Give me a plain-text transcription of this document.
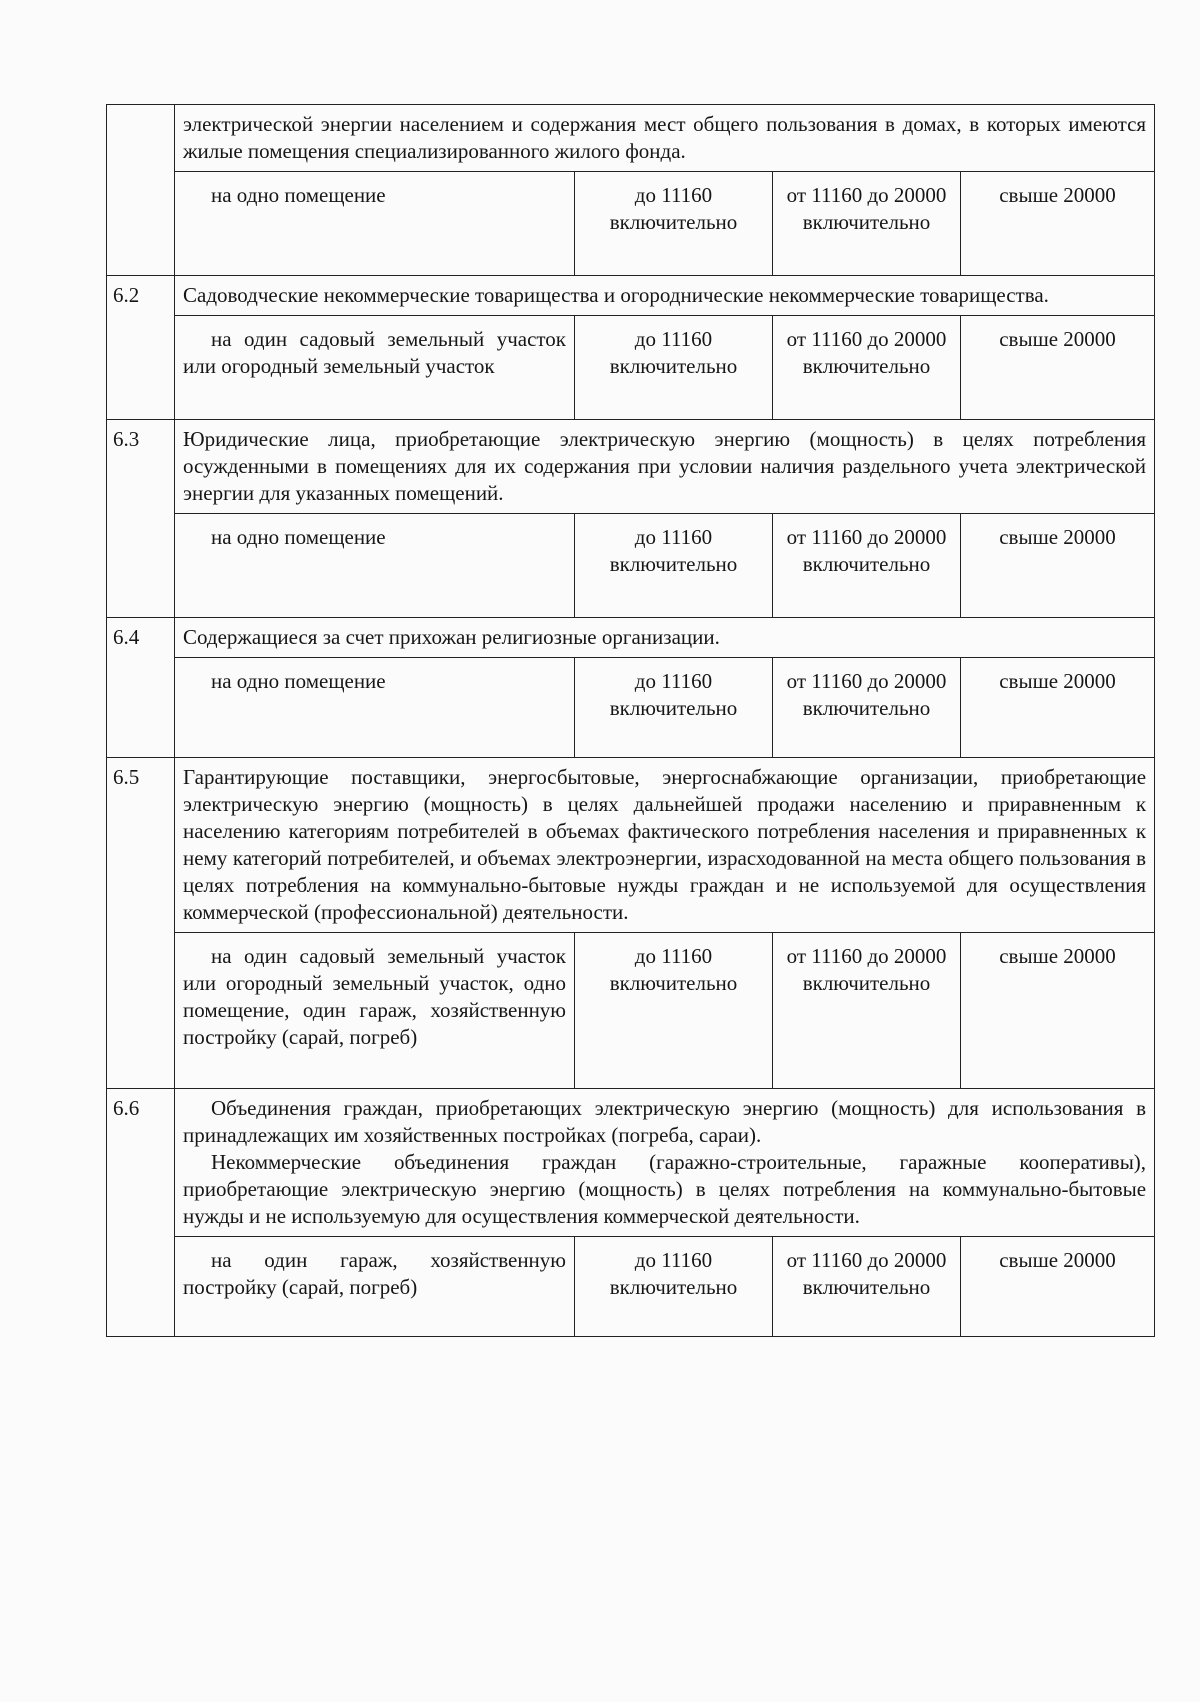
	электрической энергии населением и содержания мест общего пользования в домах, в которых имеются жилые помещения специализированного жилого фонда.			
	на одно помещение	до 11160 включительно	от 11160 до 20000 включительно	свыше 20000
6.2	Садоводческие некоммерческие товарищества и огороднические некоммерческие товарищества.			
	на один садовый земельный участок или огородный земельный участок	до 11160 включительно	от 11160 до 20000 включительно	свыше 20000
6.3	Юридические лица, приобретающие электрическую энергию (мощность) в целях потребления осужденными в помещениях для их содержания при условии наличия раздельного учета электрической энергии для указанных помещений.			
	на одно помещение	до 11160 включительно	от 11160 до 20000 включительно	свыше 20000
6.4	Содержащиеся за счет прихожан религиозные организации.			
	на одно помещение	до 11160 включительно	от 11160 до 20000 включительно	свыше 20000
6.5	Гарантирующие поставщики, энергосбытовые, энергоснабжающие организации, приобретающие электрическую энергию (мощность) в целях дальнейшей продажи населению и приравненным к населению категориям потребителей в объемах фактического потребления населения и приравненных к нему категорий потребителей, и объемах электроэнергии, израсходованной на места общего пользования в целях потребления на коммунально-бытовые нужды граждан и не используемой для осуществления коммерческой (профессиональной) деятельности.			
	на один садовый земельный участок или огородный земельный участок, одно помещение, один гараж, хозяйственную постройку (сарай, погреб)	до 11160 включительно	от 11160 до 20000 включительно	свыше 20000
6.6	Объединения граждан, приобретающих электрическую энергию (мощность) для использования в принадлежащих им хозяйственных постройках (погреба, сараи).

Некоммерческие объединения граждан (гаражно-строительные, гаражные кооперативы), приобретающие электрическую энергию (мощность) в целях потребления на коммунально-бытовые нужды и не используемую для осуществления коммерческой деятельности.			

	на один гараж, хозяйственную постройку (сарай, погреб)	до 11160 включительно	от 11160 до 20000 включительно	свыше 20000
